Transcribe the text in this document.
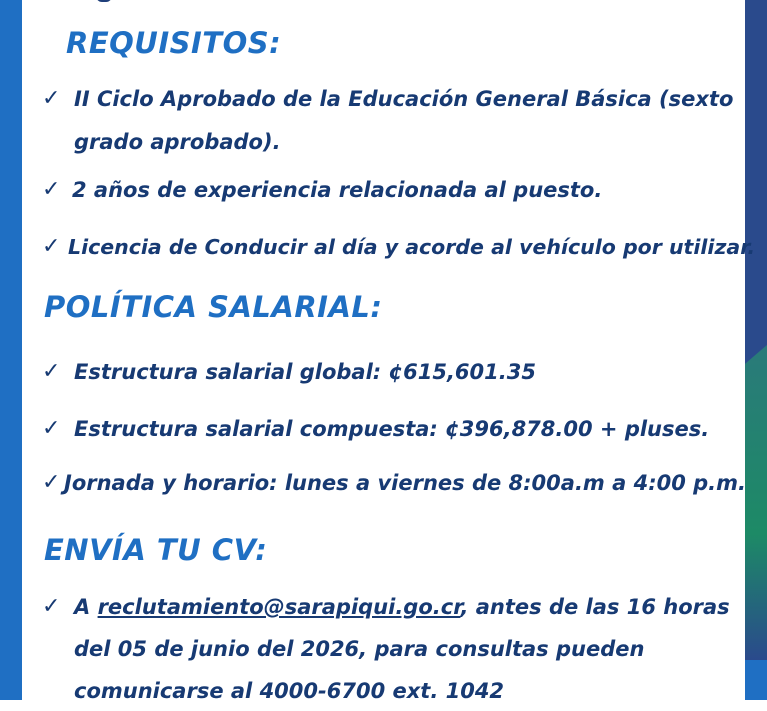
REQUISITOS:
✓ II Ciclo Aprobado de la Educación General Básica (sexto
grado aprobado).
✓ 2 años de experiencia relacionada al puesto.
✓ Licencia de Conducir al día y acorde al vehículo por utilizar.
POLÍTICA SALARIAL:
✓ Estructura salarial global: ¢615,601.35
✓ Estructura salarial compuesta: ¢396,878.00 + pluses.
✓ Jornada y horario: lunes a viernes de 8:00a.m a 4:00 p.m.
ENVÍA TU CV:
✓ A reclutamiento@sarapiqui.go.cr, antes de las 16 horas
del 05 de junio del 2026, para consultas pueden
comunicarse al 4000-6700 ext. 1042
